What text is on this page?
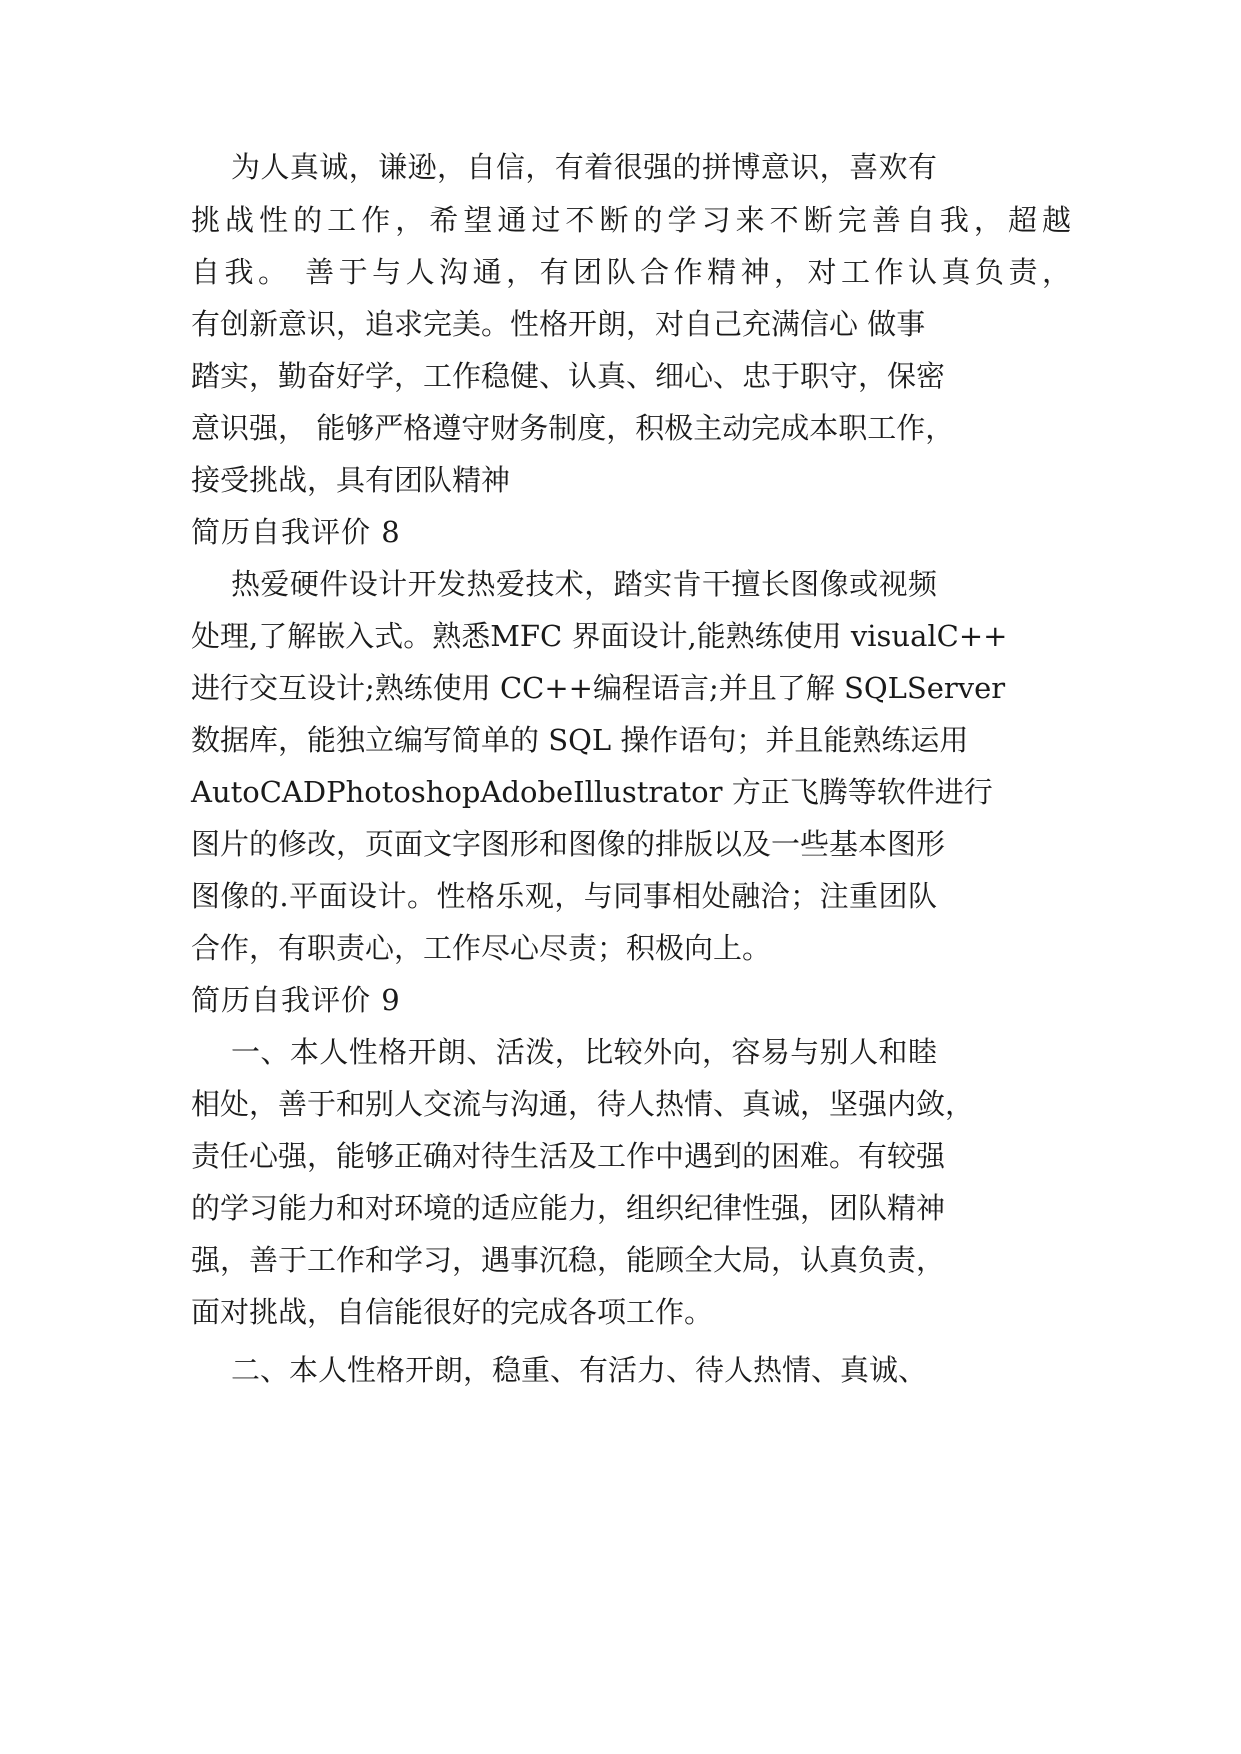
为人真诚，谦逊，自信，有着很强的拼博意识，喜欢有
挑战性的工作，希望通过不断的学习来不断完善自我，超越
自我。 善于与人沟通，有团队合作精神，对工作认真负责，
有创新意识，追求完美。性格开朗，对自己充满信心 做事
踏实，勤奋好学，工作稳健、认真、细心、忠于职守，保密
意识强， 能够严格遵守财务制度，积极主动完成本职工作，
接受挑战，具有团队精神
简历自我评价 8
热爱硬件设计开发热爱技术，踏实肯干擅长图像或视频
处理,了解嵌入式。熟悉MFC 界面设计,能熟练使用 visualC++
进行交互设计;熟练使用 CC++编程语言;并且了解 SQLServer
数据库，能独立编写简单的 SQL 操作语句；并且能熟练运用
AutoCADPhotoshopAdobeIllustrator 方正飞腾等软件进行
图片的修改，页面文字图形和图像的排版以及一些基本图形
图像的.平面设计。性格乐观，与同事相处融洽；注重团队
合作，有职责心，工作尽心尽责；积极向上。
简历自我评价 9
一、本人性格开朗、活泼，比较外向，容易与别人和睦
相处，善于和别人交流与沟通，待人热情、真诚，坚强内敛，
责任心强，能够正确对待生活及工作中遇到的困难。有较强
的学习能力和对环境的适应能力，组织纪律性强，团队精神
强，善于工作和学习，遇事沉稳，能顾全大局，认真负责，
面对挑战，自信能很好的完成各项工作。
二、本人性格开朗，稳重、有活力、待人热情、真诚、
